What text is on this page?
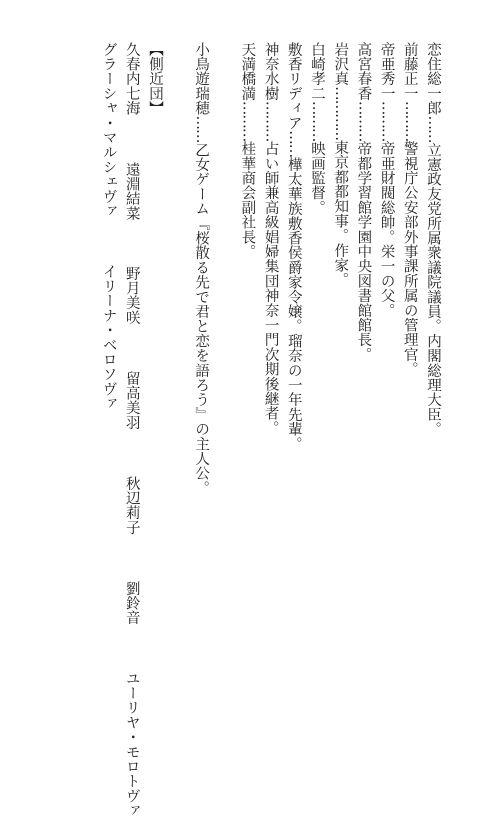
恋住総一郎……立憲政友党所属衆議院議員。内閣総理大臣。
前藤正一………警視庁公安部外事課所属の管理官。
帝亜秀一………帝亜財閥総帥。栄一の父。
高宮春香………帝都学習館学園中央図書館館長。
岩沢真…………東京都都知事。作家。
白崎孝二………映画監督。
敷香リディア……樺太華族敷香侯爵家令嬢。瑠奈の一年先輩。
神奈水樹………占い師兼高級娼婦集団神奈一門次期後継者。
天満橋満………桂華商会副社長。
小鳥遊瑞穂……乙女ゲーム『桜散る先で君と恋を語ろう』の主人公。
【側近団】
久春内七海　　遠淵結菜　　野月美咲　　留高美羽　　秋辺莉子　　劉鈴音　　ユーリヤ・モロトヴァ
グラーシャ・マルシェヴァ　　イリーナ・ベロソヴァ
